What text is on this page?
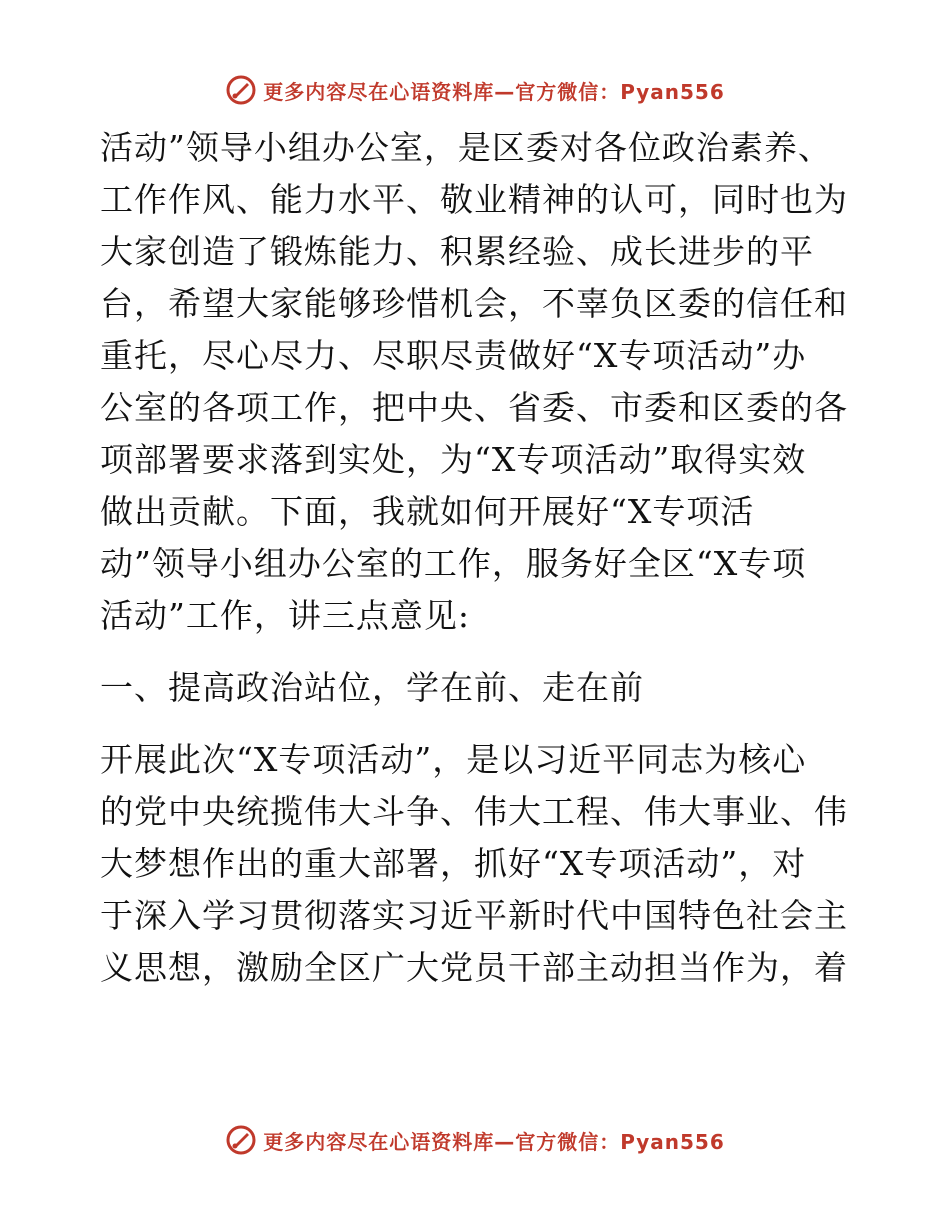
更多内容尽在心语资料库—官方微信：Pyan556
活动”领导小组办公室，是区委对各位政治素养、
工作作风、能力水平、敬业精神的认可，同时也为
大家创造了锻炼能力、积累经验、成长进步的平
台，希望大家能够珍惜机会，不辜负区委的信任和
重托，尽心尽力、尽职尽责做好“X专项活动”办
公室的各项工作，把中央、省委、市委和区委的各
项部署要求落到实处，为“X专项活动”取得实效
做出贡献。下面，我就如何开展好“X专项活
动”领导小组办公室的工作，服务好全区“X专项
活动”工作，讲三点意见:
一、提高政治站位，学在前、走在前
开展此次“X专项活动”，是以习近平同志为核心
的党中央统揽伟大斗争、伟大工程、伟大事业、伟
大梦想作出的重大部署，抓好“X专项活动”，对
于深入学习贯彻落实习近平新时代中国特色社会主
义思想，激励全区广大党员干部主动担当作为，着
更多内容尽在心语资料库—官方微信：Pyan556
